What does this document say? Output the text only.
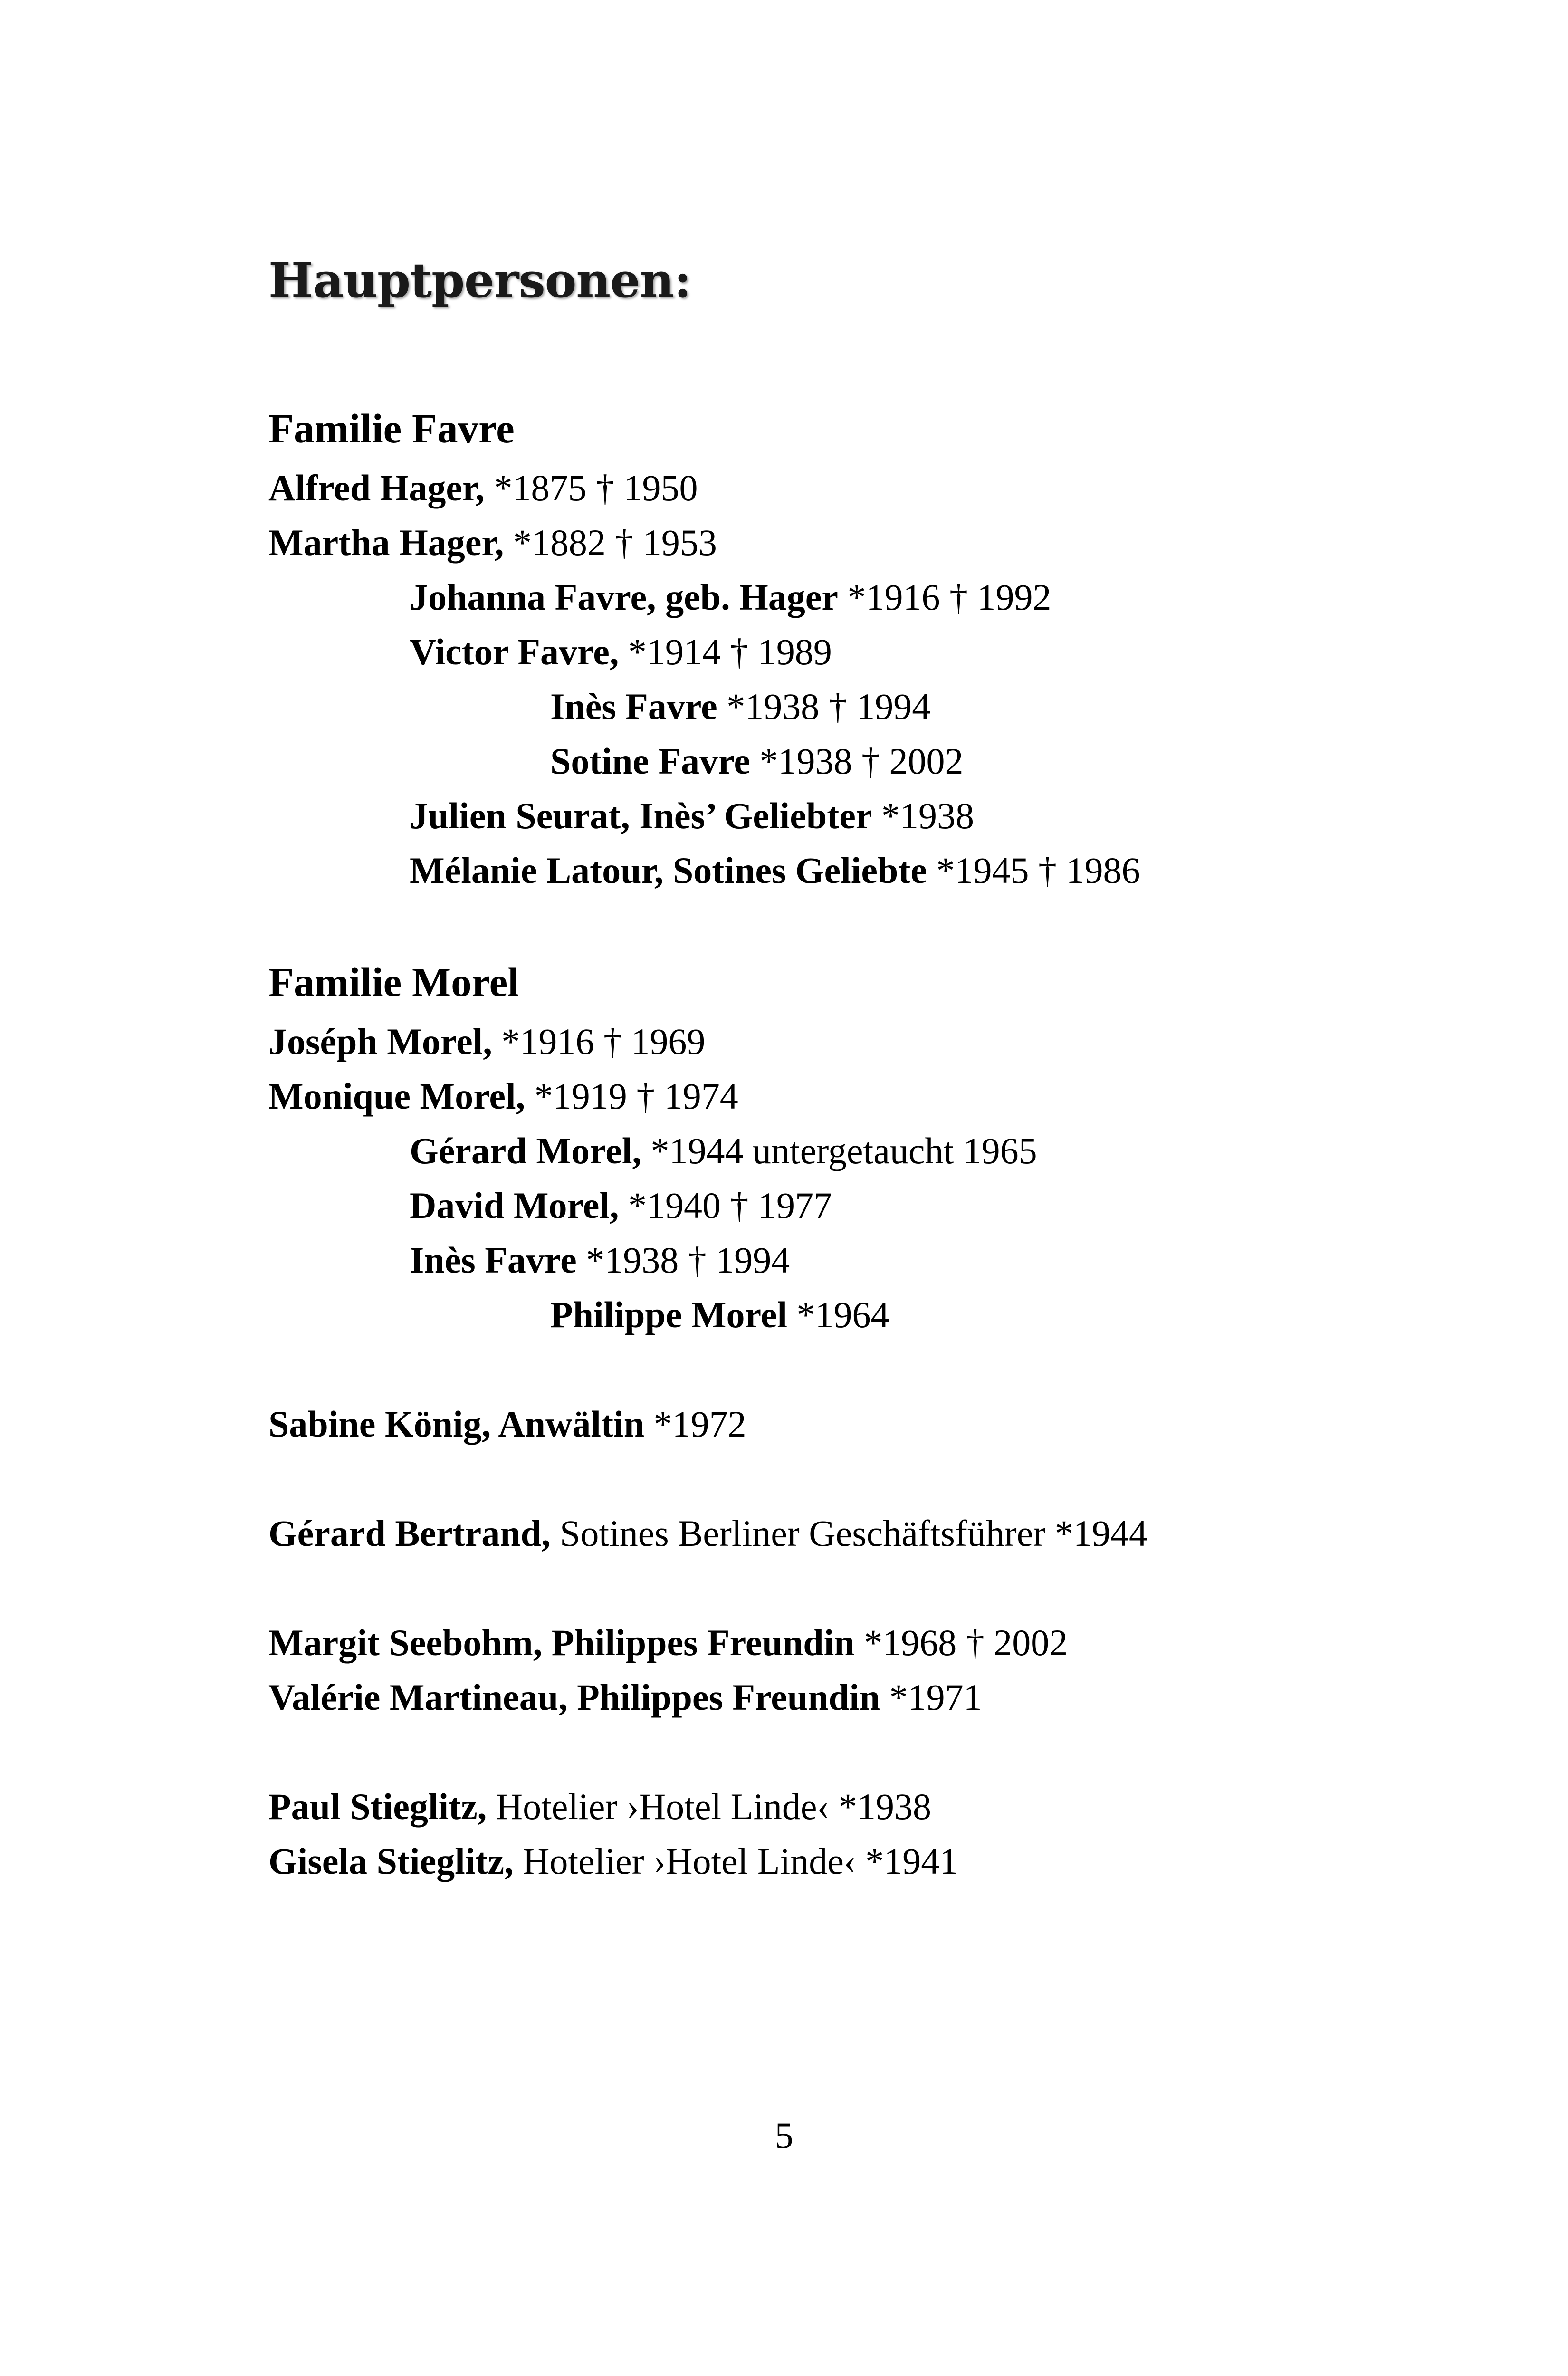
Hauptpersonen:
Familie Favre
Alfred Hager, *1875 † 1950
Martha Hager, *1882 † 1953
Johanna Favre, geb. Hager *1916 † 1992
Victor Favre, *1914 † 1989
Inès Favre *1938 † 1994
Sotine Favre *1938 † 2002
Julien Seurat, Inès’ Geliebter *1938
Mélanie Latour, Sotines Geliebte *1945 † 1986
Familie Morel
Joséph Morel, *1916 † 1969
Monique Morel, *1919 † 1974
Gérard Morel, *1944 untergetaucht 1965
David Morel, *1940 † 1977
Inès Favre *1938 † 1994
Philippe Morel *1964
Sabine König, Anwältin *1972
Gérard Bertrand, Sotines Berliner Geschäftsführer *1944
Margit Seebohm, Philippes Freundin *1968 † 2002
Valérie Martineau, Philippes Freundin *1971
Paul Stieglitz, Hotelier ›Hotel Linde‹ *1938
Gisela Stieglitz, Hotelier ›Hotel Linde‹ *1941
5
